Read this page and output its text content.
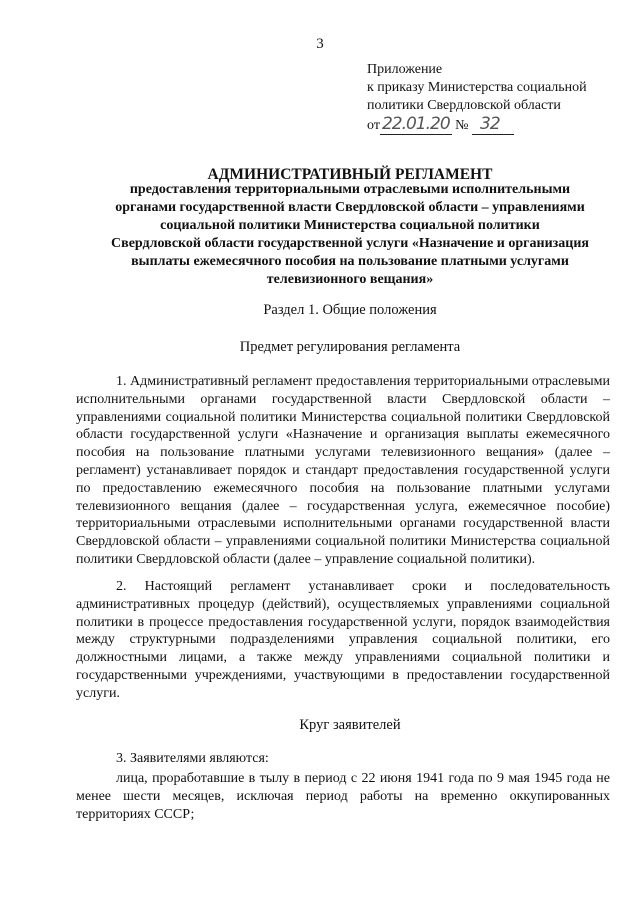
3
Приложение
к приказу Министерства социальной
политики Свердловской области
от 22.01.20 № 32
АДМИНИСТРАТИВНЫЙ РЕГЛАМЕНТ
предоставления территориальными отраслевыми исполнительными
органами государственной власти Свердловской области – управлениями
социальной политики Министерства социальной политики
Свердловской области государственной услуги «Назначение и организация
выплаты ежемесячного пособия на пользование платными услугами
телевизионного вещания»
Раздел 1. Общие положения
Предмет регулирования регламента

1. Административный регламент предоставления территориальными отраслевыми исполнительными органами государственной власти Свердловской области – управлениями социальной политики Министерства социальной политики Свердловской области государственной услуги «Назначение и организация выплаты ежемесячного пособия на пользование платными услугами телевизионного вещания» (далее – регламент) устанавливает порядок и стандарт предоставления государственной услуги по предоставлению ежемесячного пособия на пользование платными услугами телевизионного вещания (далее – государственная услуга, ежемесячное пособие) территориальными отраслевыми исполнительными органами государственной власти Свердловской области – управлениями социальной политики Министерства социальной политики Свердловской области (далее – управление социальной политики).

2. Настоящий регламент устанавливает сроки и последовательность административных процедур (действий), осуществляемых управлениями социальной политики в процессе предоставления государственной услуги, порядок взаимодействия между структурными подразделениями управления социальной политики, его должностными лицами, а также между управлениями социальной политики и государственными учреждениями, участвующими в предоставлении государственной услуги.

Круг заявителей
3. Заявителями являются:

лица, проработавшие в тылу в период с 22 июня 1941 года по 9 мая 1945 года не менее шести месяцев, исключая период работы на временно оккупированных территориях СССР;
